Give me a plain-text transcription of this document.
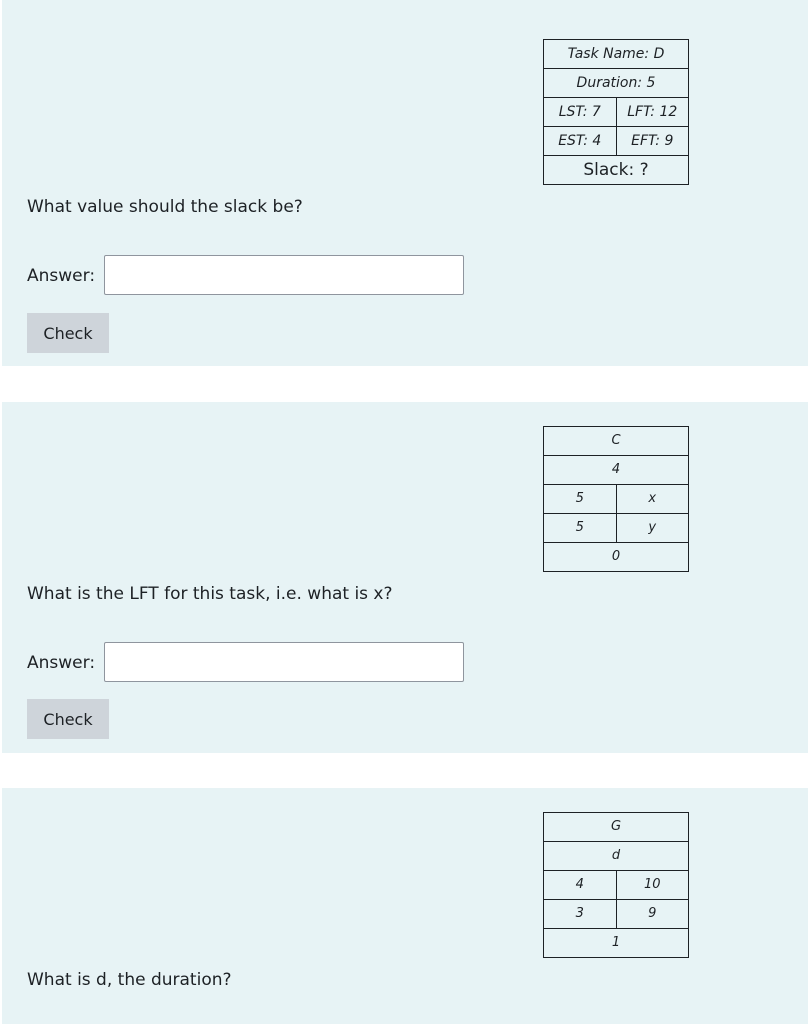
Task Name: D	
Duration: 5	
LST: 7	LFT: 12
EST: 4	EFT: 9
Slack: ?	
What value should the slack be?
Answer:
Check
C	
4	
5	x
5	y
0	
What is the LFT for this task, i.e. what is x?
Answer:
Check
G	
d	
4	10
3	9
1	
What is d, the duration?
